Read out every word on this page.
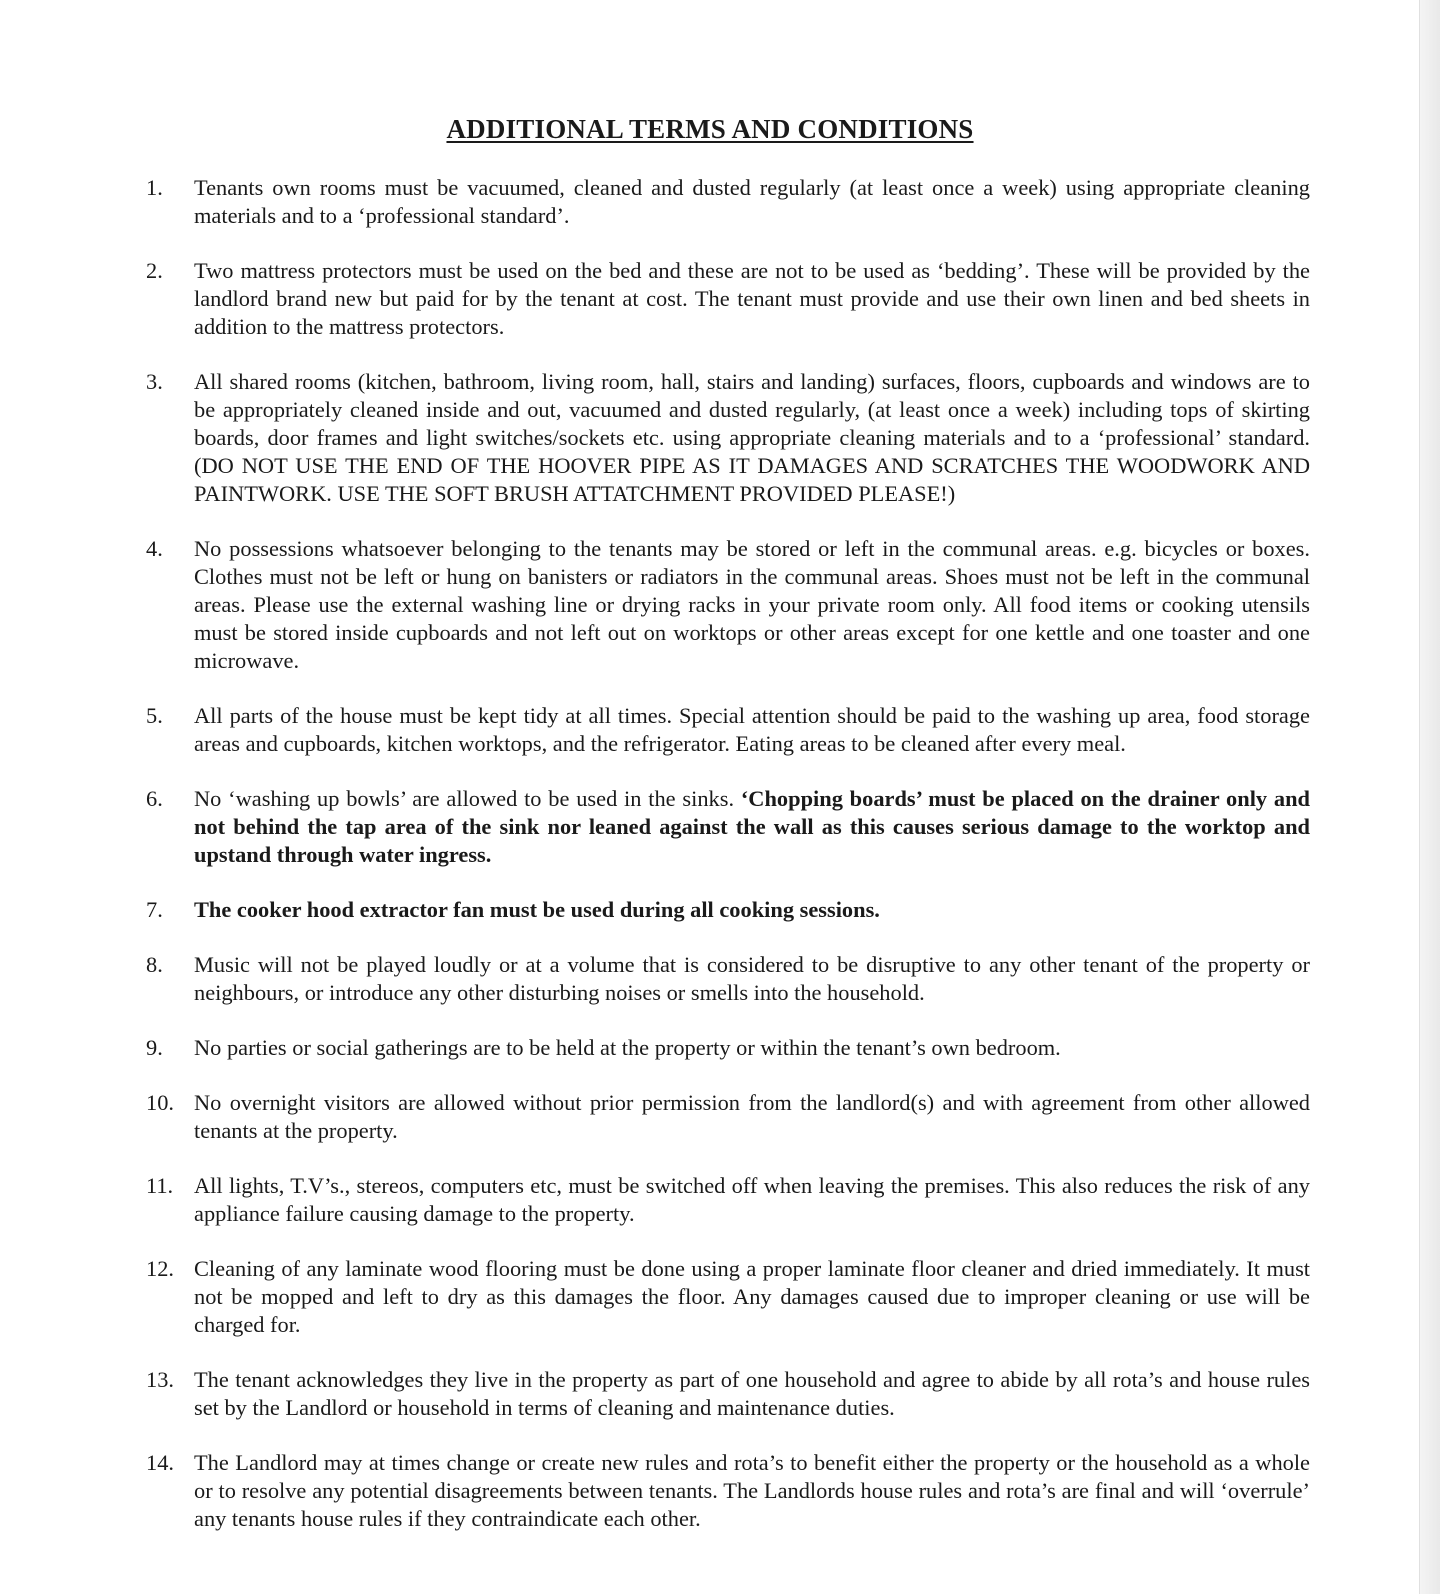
ADDITIONAL TERMS AND CONDITIONS
1.	Tenants own rooms must be vacuumed, cleaned and dusted regularly (at least once a week) using appropriate cleaning materials and to a ‘professional standard’.
2.	Two mattress protectors must be used on the bed and these are not to be used as ‘bedding’. These will be provided by the landlord brand new but paid for by the tenant at cost. The tenant must provide and use their own linen and bed sheets in addition to the mattress protectors.
3.	All shared rooms (kitchen, bathroom, living room, hall, stairs and landing) surfaces, floors, cupboards and windows are to be appropriately cleaned inside and out, vacuumed and dusted regularly, (at least once a week) including tops of skirting boards, door frames and light switches/sockets etc. using appropriate cleaning materials and to a ‘professional’ standard. (DO NOT USE THE END OF THE HOOVER PIPE AS IT DAMAGES AND SCRATCHES THE WOODWORK AND PAINTWORK. USE THE SOFT BRUSH ATTATCHMENT PROVIDED PLEASE!)
4.	No possessions whatsoever belonging to the tenants may be stored or left in the communal areas. e.g. bicycles or boxes. Clothes must not be left or hung on banisters or radiators in the communal areas. Shoes must not be left in the communal areas. Please use the external washing line or drying racks in your private room only. All food items or cooking utensils must be stored inside cupboards and not left out on worktops or other areas except for one kettle and one toaster and one microwave.
5.	All parts of the house must be kept tidy at all times. Special attention should be paid to the washing up area, food storage areas and cupboards, kitchen worktops, and the refrigerator. Eating areas to be cleaned after every meal.
6.	No ‘washing up bowls’ are allowed to be used in the sinks. ‘Chopping boards’ must be placed on the drainer only and not behind the tap area of the sink nor leaned against the wall as this causes serious damage to the worktop and upstand through water ingress.
7.	The cooker hood extractor fan must be used during all cooking sessions.
8.	Music will not be played loudly or at a volume that is considered to be disruptive to any other tenant of the property or neighbours, or introduce any other disturbing noises or smells into the household.
9.	No parties or social gatherings are to be held at the property or within the tenant’s own bedroom.
10. No overnight visitors are allowed without prior permission from the landlord(s) and with agreement from other allowed tenants at the property.
11. All lights, T.V’s., stereos, computers etc, must be switched off when leaving the premises. This also reduces the risk of any appliance failure causing damage to the property.
12. Cleaning of any laminate wood flooring must be done using a proper laminate floor cleaner and dried immediately. It must not be mopped and left to dry as this damages the floor. Any damages caused due to improper cleaning or use will be charged for.
13. The tenant acknowledges they live in the property as part of one household and agree to abide by all rota’s and house rules set by the Landlord or household in terms of cleaning and maintenance duties.
14. The Landlord may at times change or create new rules and rota’s to benefit either the property or the household as a whole or to resolve any potential disagreements between tenants. The Landlords house rules and rota’s are final and will ‘overrule’ any tenants house rules if they contraindicate each other.
